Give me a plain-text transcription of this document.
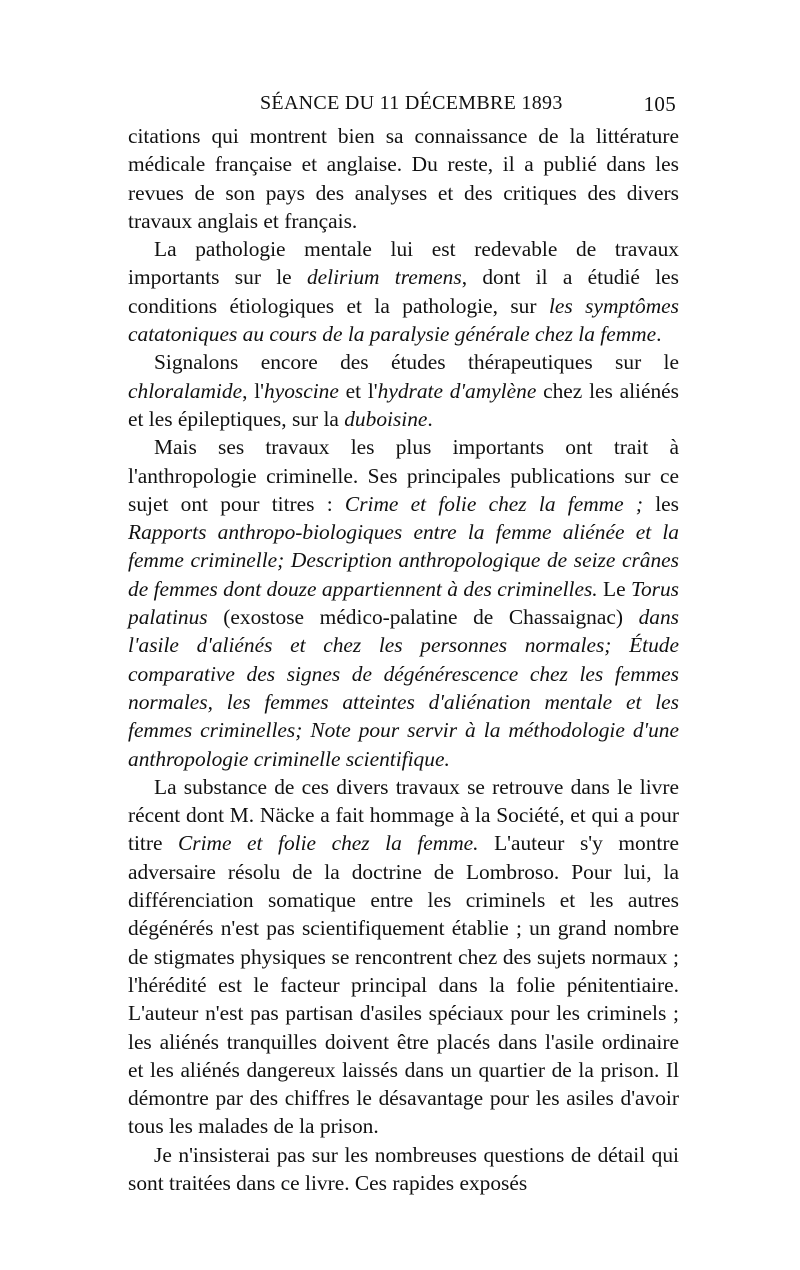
SÉANCE DU 11 DÉCEMBRE 1893	105

citations qui montrent bien sa connaissance de la littérature médicale française et anglaise. Du reste, il a publié dans les revues de son pays des analyses et des critiques des divers travaux anglais et français.

La pathologie mentale lui est redevable de travaux importants sur le delirium tremens, dont il a étudié les conditions étiologiques et la pathologie, sur les symptômes catatoniques au cours de la paralysie générale chez la femme.

Signalons encore des études thérapeutiques sur le chloralamide, l'hyoscine et l'hydrate d'amylène chez les aliénés et les épileptiques, sur la duboisine.

Mais ses travaux les plus importants ont trait à l'anthropologie criminelle. Ses principales publications sur ce sujet ont pour titres : Crime et folie chez la femme ; les Rapports anthropo-biologiques entre la femme aliénée et la femme criminelle; Description anthropologique de seize crânes de femmes dont douze appartiennent à des criminelles. Le Torus palatinus (exostose médico-palatine de Chassaignac) dans l'asile d'aliénés et chez les personnes normales; Étude comparative des signes de dégénérescence chez les femmes normales, les femmes atteintes d'aliénation mentale et les femmes criminelles; Note pour servir à la méthodologie d'une anthropologie criminelle scientifique.

La substance de ces divers travaux se retrouve dans le livre récent dont M. Näcke a fait hommage à la Société, et qui a pour titre Crime et folie chez la femme. L'auteur s'y montre adversaire résolu de la doctrine de Lombroso. Pour lui, la différenciation somatique entre les criminels et les autres dégénérés n'est pas scientifiquement établie ; un grand nombre de stigmates physiques se rencontrent chez des sujets normaux ; l'hérédité est le facteur principal dans la folie pénitentiaire. L'auteur n'est pas partisan d'asiles spéciaux pour les criminels ; les aliénés tranquilles doivent être placés dans l'asile ordinaire et les aliénés dangereux laissés dans un quartier de la prison. Il démontre par des chiffres le désavantage pour les asiles d'avoir tous les malades de la prison.

Je n'insisterai pas sur les nombreuses questions de détail qui sont traitées dans ce livre. Ces rapides exposés
